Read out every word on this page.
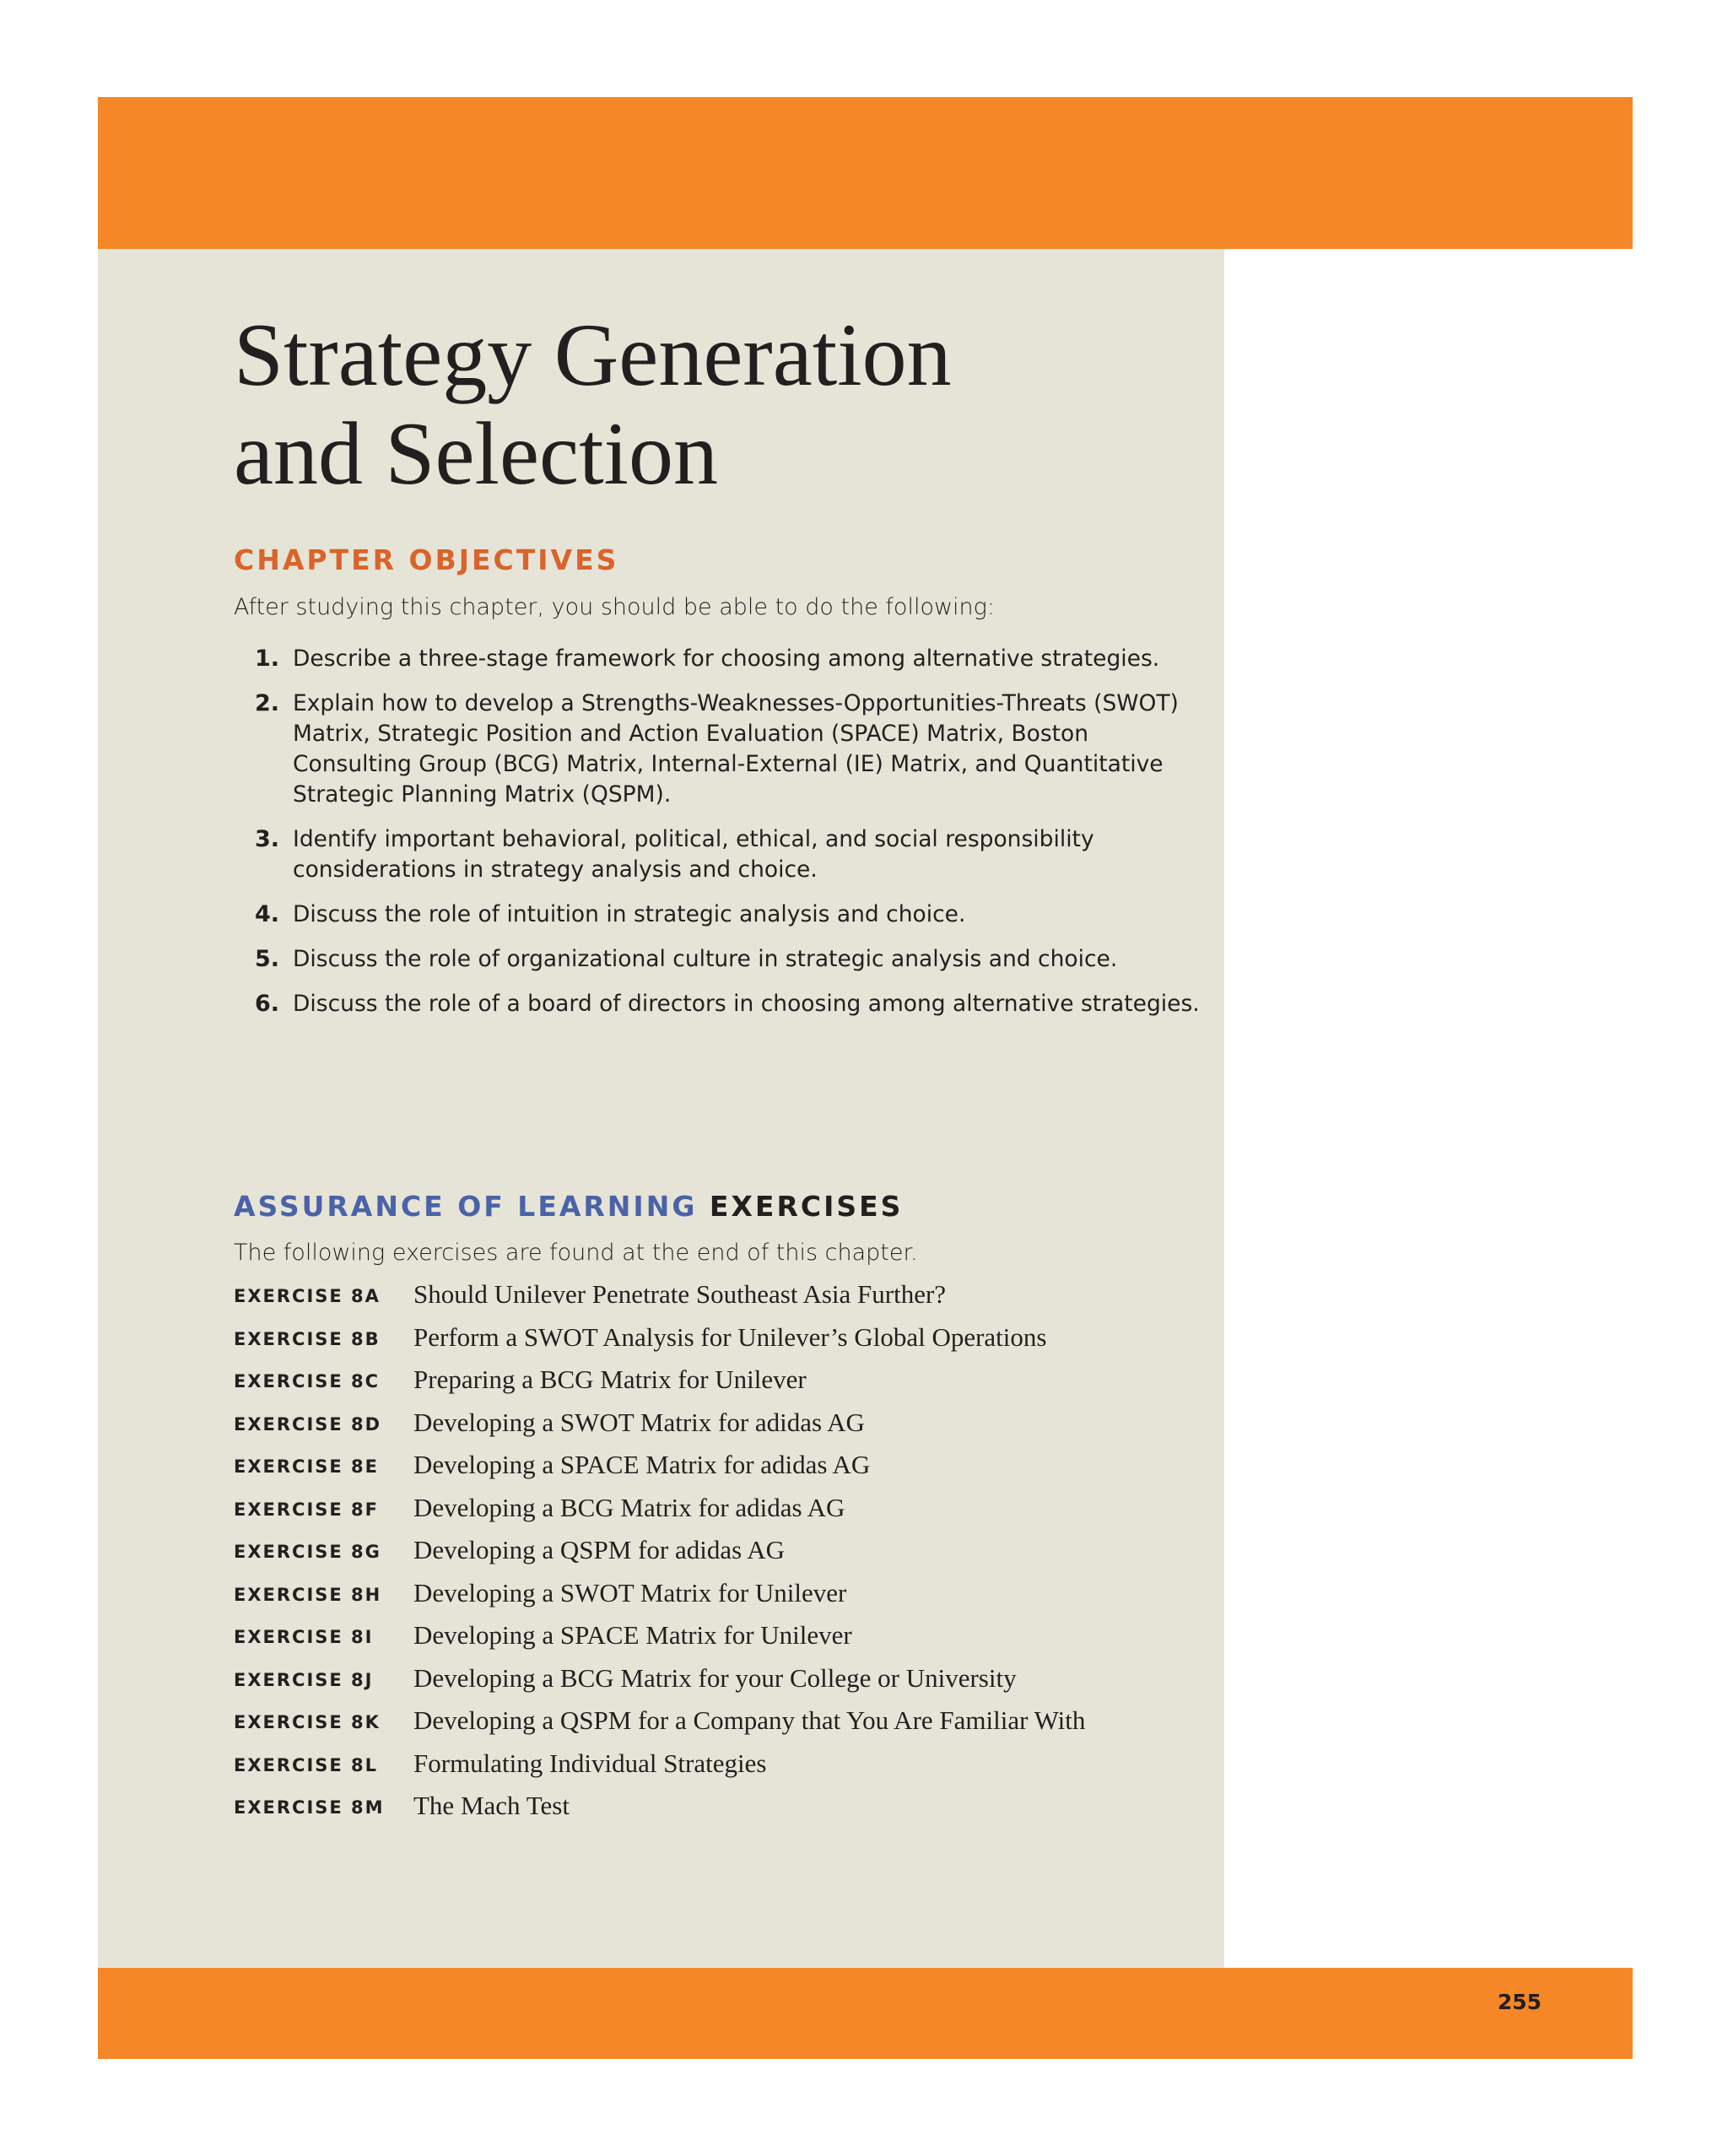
Strategy Generation
and Selection
CHAPTER OBJECTIVES

After studying this chapter, you should be able to do the following:

1. Describe a three-stage framework for choosing among alternative strategies.
2. Explain how to develop a Strengths-Weaknesses-Opportunities-Threats (SWOT) Matrix, Strategic Position and Action Evaluation (SPACE) Matrix, Boston Consulting Group (BCG) Matrix, Internal-External (IE) Matrix, and Quantitative Strategic Planning Matrix (QSPM).
3. Identify important behavioral, political, ethical, and social responsibility considerations in strategy analysis and choice.
4. Discuss the role of intuition in strategic analysis and choice.
5. Discuss the role of organizational culture in strategic analysis and choice.
6. Discuss the role of a board of directors in choosing among alternative strategies.
ASSURANCE OF LEARNING EXERCISES

The following exercises are found at the end of this chapter.

EXERCISE 8A Should Unilever Penetrate Southeast Asia Further?
EXERCISE 8B Perform a SWOT Analysis for Unilever’s Global Operations
EXERCISE 8C Preparing a BCG Matrix for Unilever
EXERCISE 8D Developing a SWOT Matrix for adidas AG
EXERCISE 8E Developing a SPACE Matrix for adidas AG
EXERCISE 8F Developing a BCG Matrix for adidas AG
EXERCISE 8G Developing a QSPM for adidas AG
EXERCISE 8H Developing a SWOT Matrix for Unilever
EXERCISE 8I Developing a SPACE Matrix for Unilever
EXERCISE 8J Developing a BCG Matrix for your College or University
EXERCISE 8K Developing a QSPM for a Company that You Are Familiar With
EXERCISE 8L Formulating Individual Strategies
EXERCISE 8M The Mach Test
255
